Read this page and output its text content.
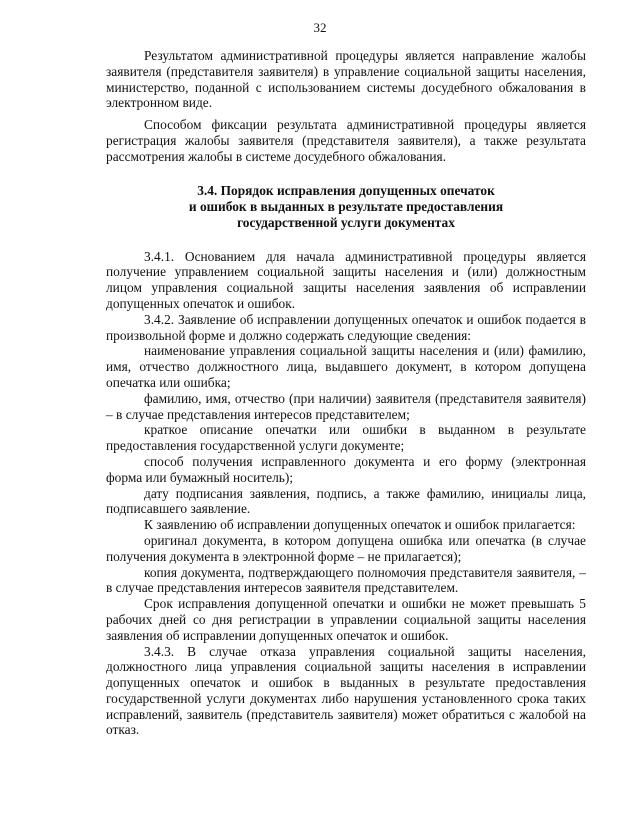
32

Результатом административной процедуры является направление жалобы заявителя (представителя заявителя) в управление социальной защиты населения, министерство, поданной с использованием системы досудебного обжалования в электронном виде.

Способом фиксации результата административной процедуры является регистрация жалобы заявителя (представителя заявителя), а также результата рассмотрения жалобы в системе досудебного обжалования.

3.4. Порядок исправления допущенных опечаток
и ошибок в выданных в результате предоставления
государственной услуги документах

3.4.1. Основанием для начала административной процедуры является получение управлением социальной защиты населения и (или) должностным лицом управления социальной защиты населения заявления об исправлении допущенных опечаток и ошибок.

3.4.2. Заявление об исправлении допущенных опечаток и ошибок подается в произвольной форме и должно содержать следующие сведения:

наименование управления социальной защиты населения и (или) фамилию, имя, отчество должностного лица, выдавшего документ, в котором допущена опечатка или ошибка;

фамилию, имя, отчество (при наличии) заявителя (представителя заявителя) – в случае представления интересов представителем;

краткое описание опечатки или ошибки в выданном в результате предоставления государственной услуги документе;

способ получения исправленного документа и его форму (электронная форма или бумажный носитель);

дату подписания заявления, подпись, а также фамилию, инициалы лица, подписавшего заявление.

К заявлению об исправлении допущенных опечаток и ошибок прилагается:

оригинал документа, в котором допущена ошибка или опечатка (в случае получения документа в электронной форме – не прилагается);

копия документа, подтверждающего полномочия представителя заявителя, – в случае представления интересов заявителя представителем.

Срок исправления допущенной опечатки и ошибки не может превышать 5 рабочих дней со дня регистрации в управлении социальной защиты населения заявления об исправлении допущенных опечаток и ошибок.

3.4.3. В случае отказа управления социальной защиты населения, должностного лица управления социальной защиты населения в исправлении допущенных опечаток и ошибок в выданных в результате предоставления государственной услуги документах либо нарушения установленного срока таких исправлений, заявитель (представитель заявителя) может обратиться с жалобой на отказ.
